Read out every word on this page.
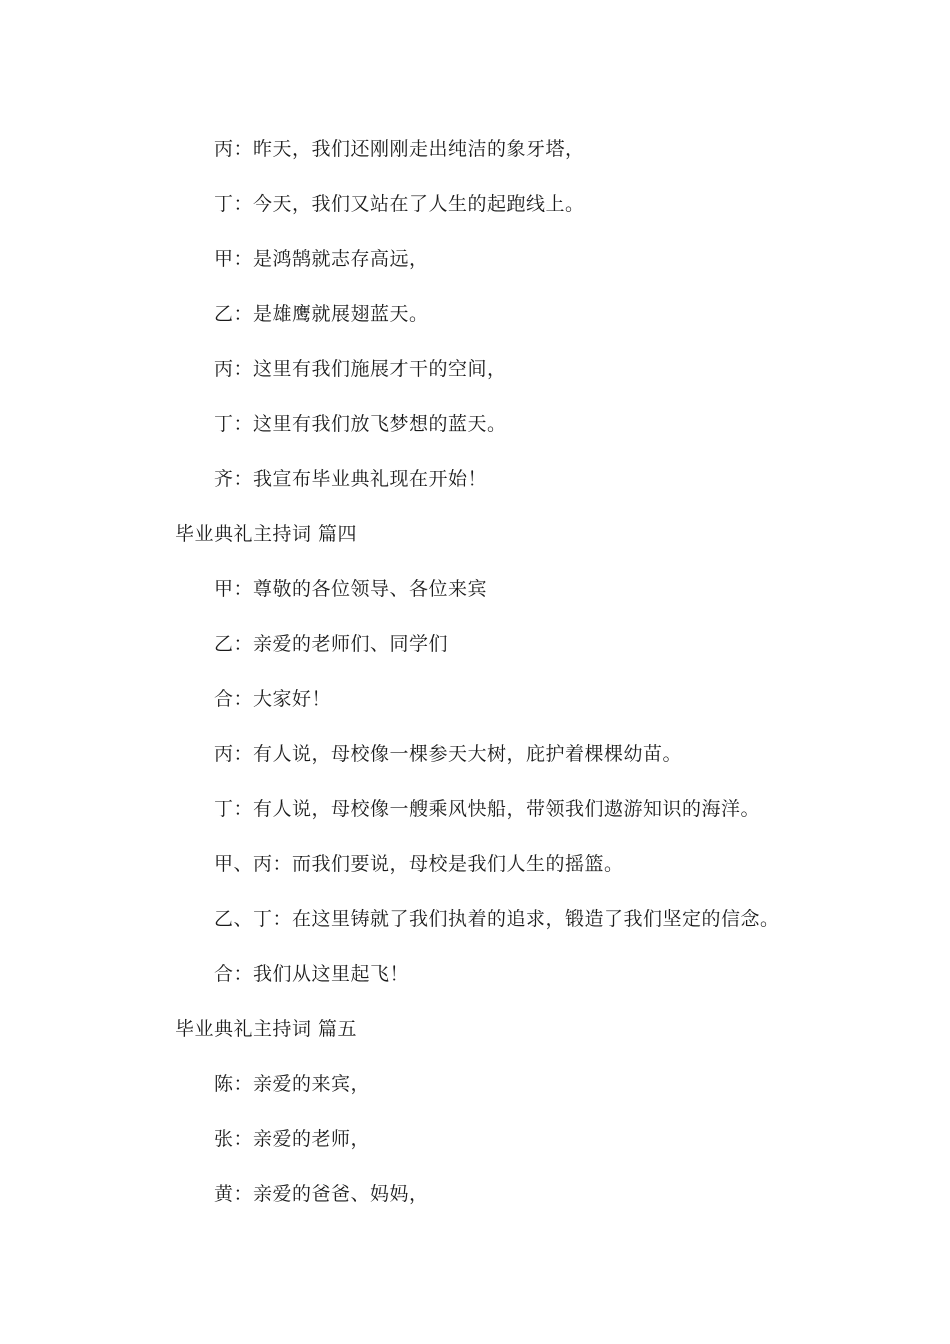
丙：昨天，我们还刚刚走出纯洁的象牙塔，
丁：今天，我们又站在了人生的起跑线上。
甲：是鸿鹄就志存高远，
乙：是雄鹰就展翅蓝天。
丙：这里有我们施展才干的空间，
丁：这里有我们放飞梦想的蓝天。
齐：我宣布毕业典礼现在开始！
毕业典礼主持词 篇四
甲：尊敬的各位领导、各位来宾
乙：亲爱的老师们、同学们
合：大家好！
丙：有人说，母校像一棵参天大树，庇护着棵棵幼苗。
丁：有人说，母校像一艘乘风快船，带领我们遨游知识的海洋。
甲、丙：而我们要说，母校是我们人生的摇篮。
乙、丁：在这里铸就了我们执着的追求，锻造了我们坚定的信念。
合：我们从这里起飞！
毕业典礼主持词 篇五
陈：亲爱的来宾，
张：亲爱的老师，
黄：亲爱的爸爸、妈妈，
